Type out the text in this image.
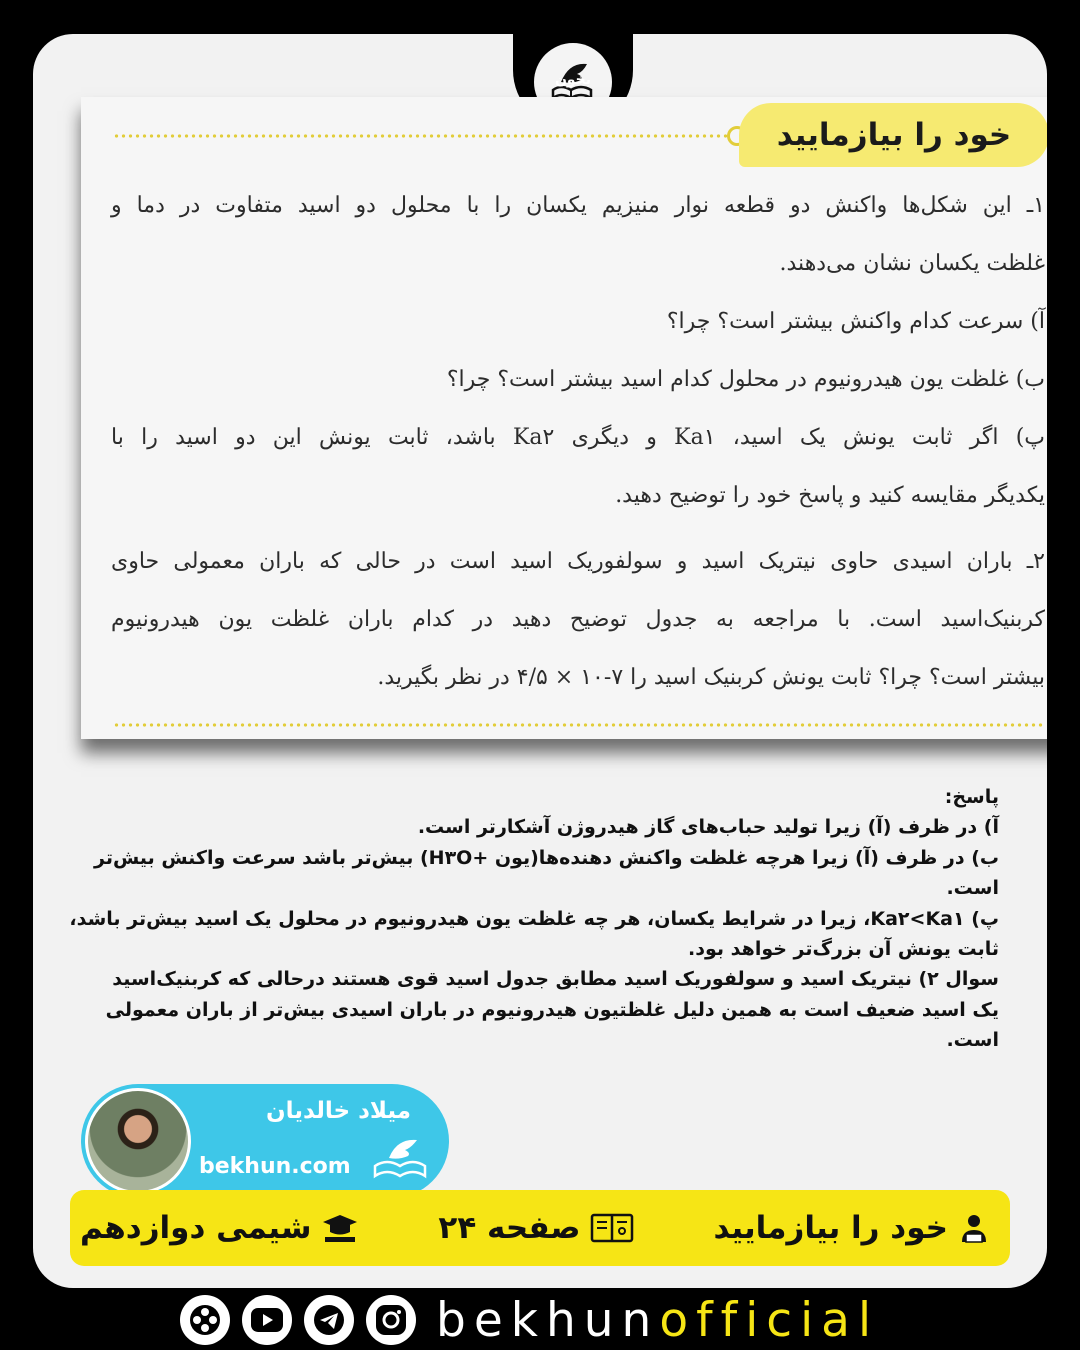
بخون
خود را بیازمایید
۱ـ این شکل‌ها واکنش دو قطعه نوار منیزیم یکسان را با محلول دو اسید متفاوت در دما و
غلظت یکسان نشان می‌دهند.
آ) سرعت کدام واکنش بیشتر است؟ چرا؟
ب) غلظت یون هیدرونیوم در محلول کدام اسید بیشتر است؟ چرا؟
پ) اگر ثابت یونش یک اسید، Ka۱ و دیگری Ka۲ باشد، ثابت یونش این دو اسید را با
یکدیگر مقایسه کنید و پاسخ خود را توضیح دهید.
۲ـ باران اسیدی حاوی نیتریک اسید و سولفوریک اسید است در حالی که باران معمولی حاوی
کربنیک‌اسید است. با مراجعه به جدول توضیح دهید در کدام باران غلظت یون هیدرونیوم
بیشتر است؟ چرا؟ ثابت یونش کربنیک اسید را ۷-۱۰ × ۴/۵ در نظر بگیرید.
پاسخ:
آ) در ظرف (آ) زیرا تولید حباب‌های گاز هیدروژن آشکارتر است.
ب) در ظرف (آ) زیرا هرچه غلظت واکنش دهنده‌ها(یون +H۳O) بیش‌تر باشد سرعت واکنش بیش‌تر
است.
پ) Ka۲<Ka۱، زیرا در شرایط یکسان، هر چه غلظت یون هیدرونیوم در محلول یک اسید بیش‌تر باشد،
ثابت یونش آن بزرگ‌تر خواهد بود.
سوال ۲) نیتریک اسید و سولفوریک اسید مطابق جدول اسید قوی هستند درحالی که کربنیک‌اسید
یک اسید ضعیف است به همین دلیل غلظتیون هیدرونیوم در باران اسیدی بیش‌تر از باران معمولی
است.
میلاد خالدیان
bekhun.com
خود را بیازمایید
صفحه ۲۴
شیمی دوازدهم
bekhunofficial
